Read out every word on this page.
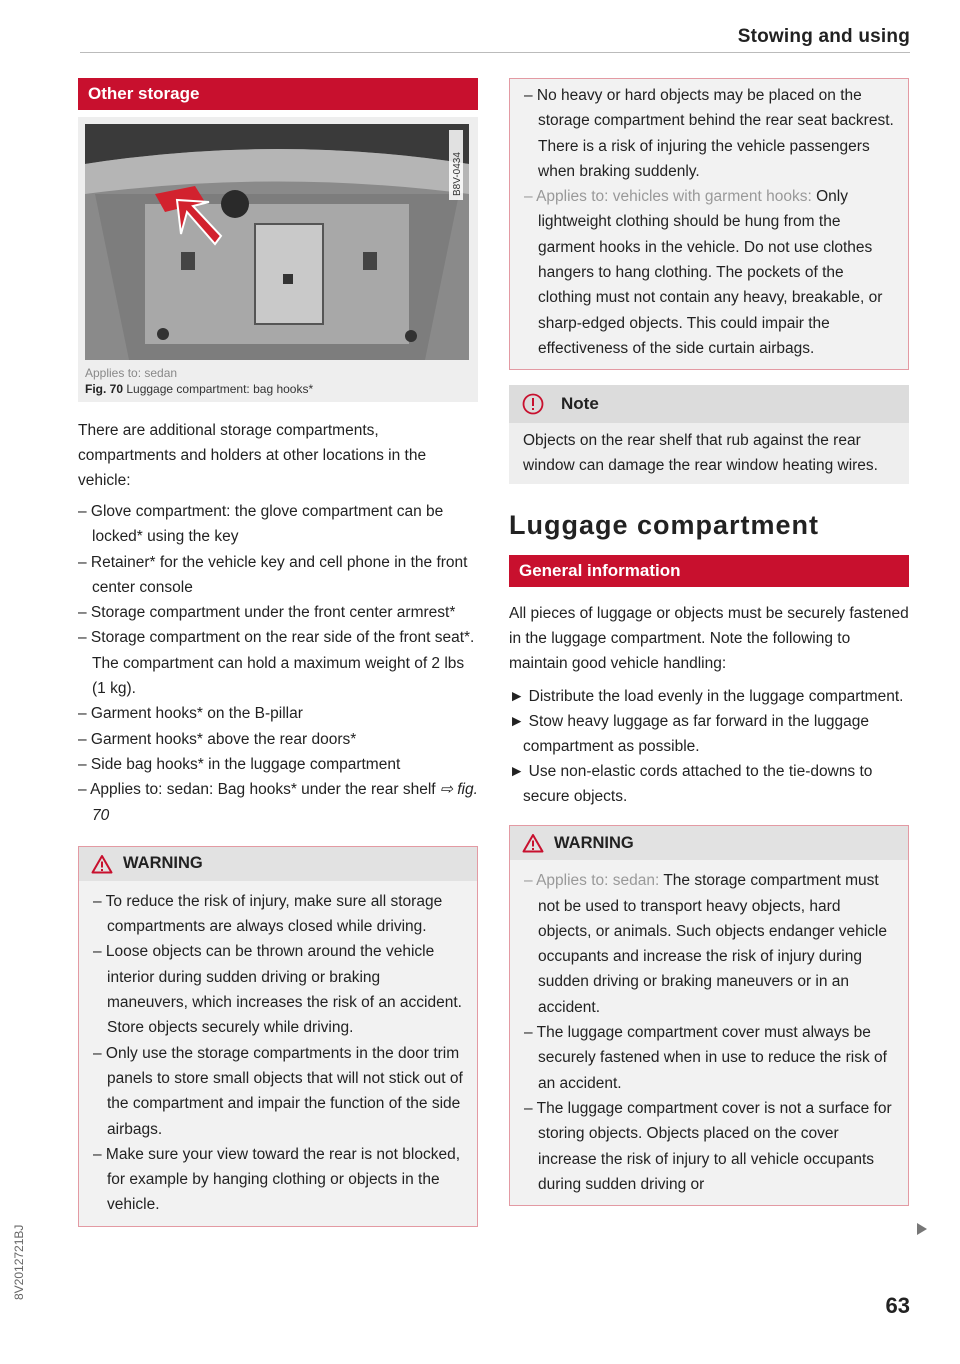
Stowing and using
Other storage
B8V-0434
Applies to: sedan
Fig. 70 Luggage compartment: bag hooks*
There are additional storage compartments, compartments and holders at other locations in the vehicle:
– Glove compartment: the glove compartment can be locked* using the key
– Retainer* for the vehicle key and cell phone in the front center console
– Storage compartment under the front center armrest*
– Storage compartment on the rear side of the front seat*. The compartment can hold a maximum weight of 2 lbs (1 kg).
– Garment hooks* on the B-pillar
– Garment hooks* above the rear doors*
– Side bag hooks* in the luggage compartment
– Applies to: sedan: Bag hooks* under the rear shelf ⇨ fig. 70
WARNING
– To reduce the risk of injury, make sure all storage compartments are always closed while driving.
– Loose objects can be thrown around the vehicle interior during sudden driving or braking maneuvers, which increases the risk of an accident. Store objects securely while driving.
– Only use the storage compartments in the door trim panels to store small objects that will not stick out of the compartment and impair the function of the side airbags.
– Make sure your view toward the rear is not blocked, for example by hanging clothing or objects in the vehicle.
– No heavy or hard objects may be placed on the storage compartment behind the rear seat backrest. There is a risk of injuring the vehicle passengers when braking suddenly.
– Applies to: vehicles with garment hooks: Only lightweight clothing should be hung from the garment hooks in the vehicle. Do not use clothes hangers to hang clothing. The pockets of the clothing must not contain any heavy, breakable, or sharp-edged objects. This could impair the effectiveness of the side curtain airbags.
Note
Objects on the rear shelf that rub against the rear window can damage the rear window heating wires.
Luggage compartment
General information
All pieces of luggage or objects must be securely fastened in the luggage compartment. Note the following to maintain good vehicle handling:
► Distribute the load evenly in the luggage compartment.
► Stow heavy luggage as far forward in the luggage compartment as possible.
► Use non-elastic cords attached to the tie-downs to secure objects.
WARNING
– Applies to: sedan: The storage compartment must not be used to transport heavy objects, hard objects, or animals. Such objects endanger vehicle occupants and increase the risk of injury during sudden driving or braking maneuvers or in an accident.
– The luggage compartment cover must always be securely fastened when in use to reduce the risk of an accident.
– The luggage compartment cover is not a surface for storing objects. Objects placed on the cover increase the risk of injury to all vehicle occupants during sudden driving or
63
8V2012721BJ
